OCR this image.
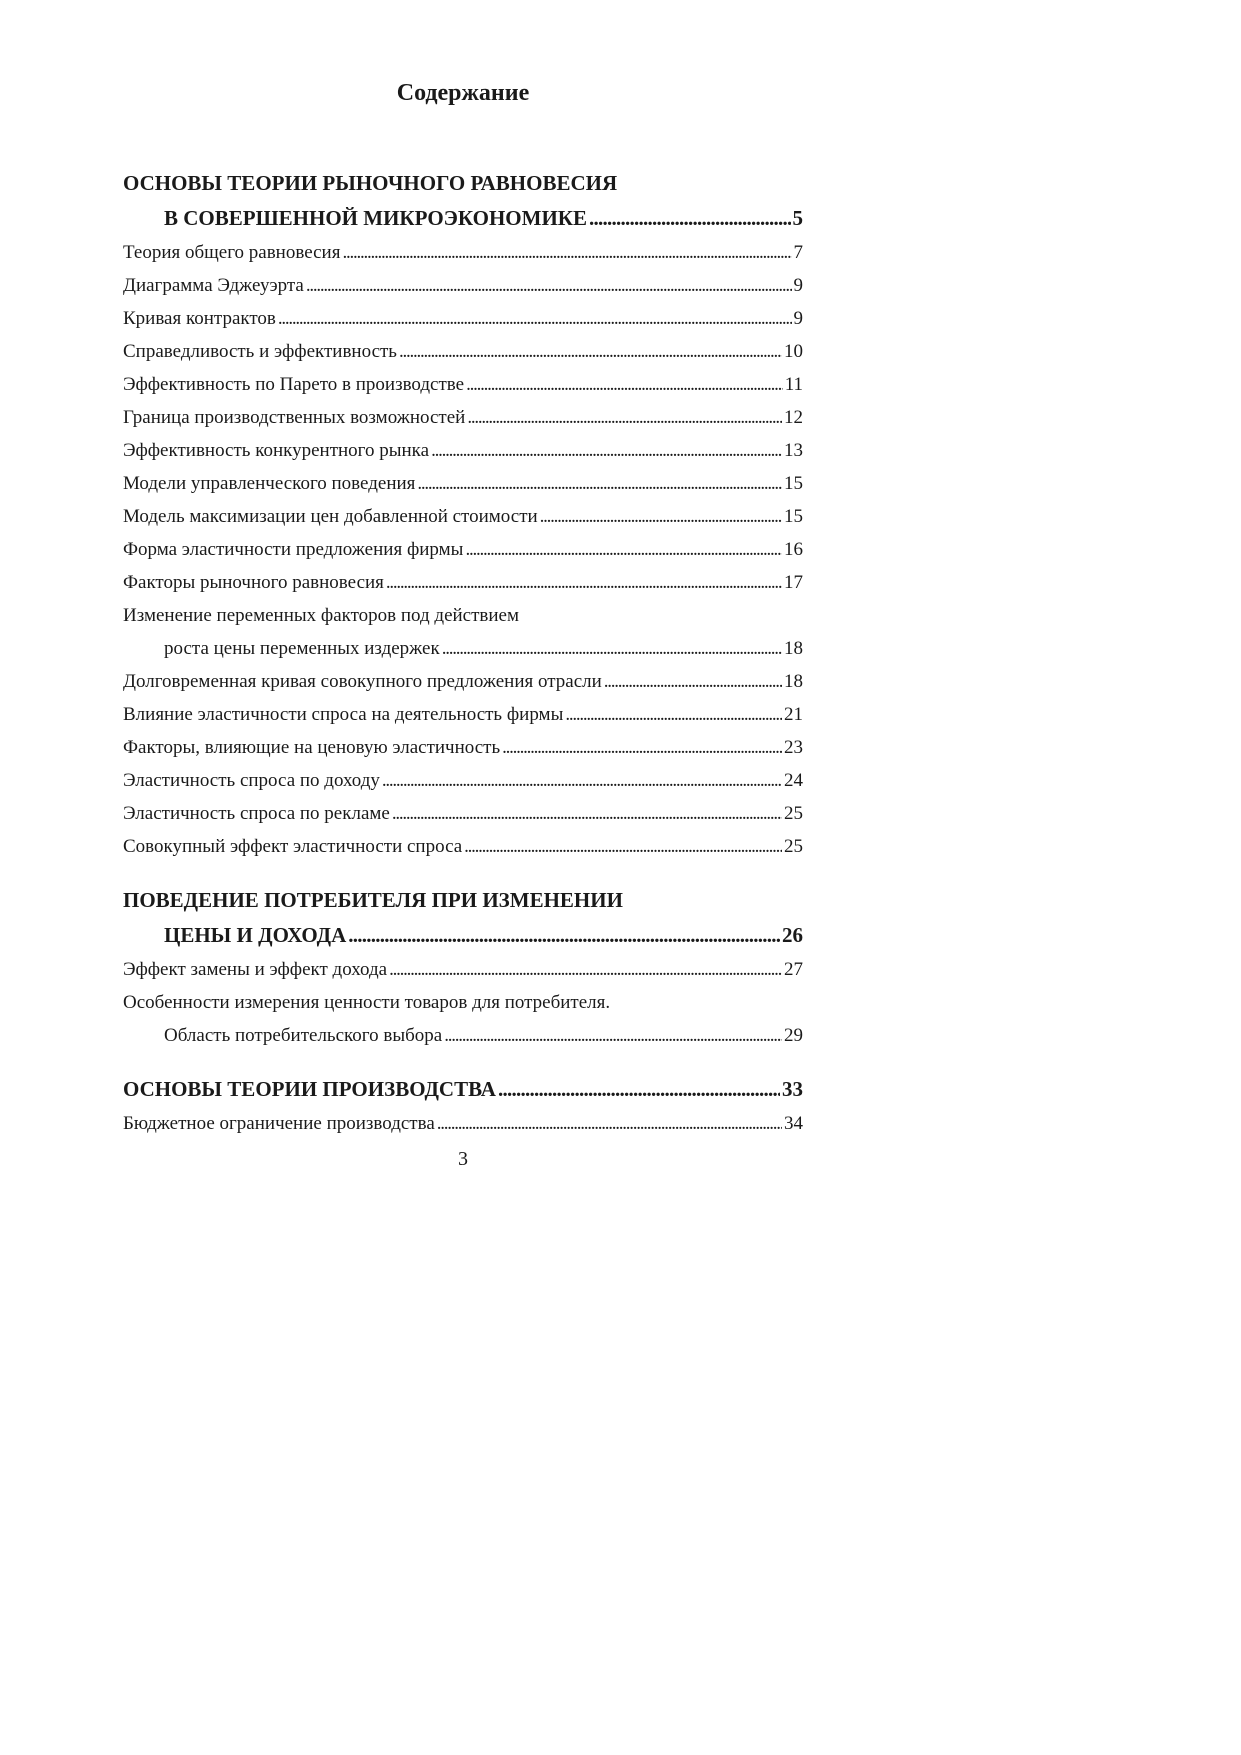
Содержание
ОСНОВЫ ТЕОРИИ РЫНОЧНОГО РАВНОВЕСИЯ
В СОВЕРШЕННОЙ МИКРОЭКОНОМИКЕ . . .	5
Теория общего равновесия . . .	7
Диаграмма Эджеуэрта . . .	9
Кривая контрактов . . .	9
Справедливость и эффективность . . .	10
Эффективность по Парето в производстве . . .	11
Граница производственных возможностей . . .	12
Эффективность конкурентного рынка . . .	13
Модели управленческого поведения . . .	15
Модель максимизации цен добавленной стоимости . . .	15
Форма эластичности предложения фирмы . . .	16
Факторы рыночного равновесия . . .	17
Изменение переменных факторов под действием
роста цены переменных издержек . . .	18
Долговременная кривая совокупного предложения отрасли . . .	18
Влияние эластичности спроса на деятельность фирмы . . .	21
Факторы, влияющие на ценовую эластичность . . .	23
Эластичность спроса по доходу . . .	24
Эластичность спроса по рекламе . . .	25
Совокупный эффект эластичности спроса . . .	25
ПОВЕДЕНИЕ ПОТРЕБИТЕЛЯ ПРИ ИЗМЕНЕНИИ
ЦЕНЫ И ДОХОДА . . .	26
Эффект замены и эффект дохода . . .	27
Особенности измерения ценности товаров для потребителя.
Область потребительского выбора . . .	29
ОСНОВЫ ТЕОРИИ ПРОИЗВОДСТВА . . .	33
Бюджетное ограничение производства . . .	34
3
